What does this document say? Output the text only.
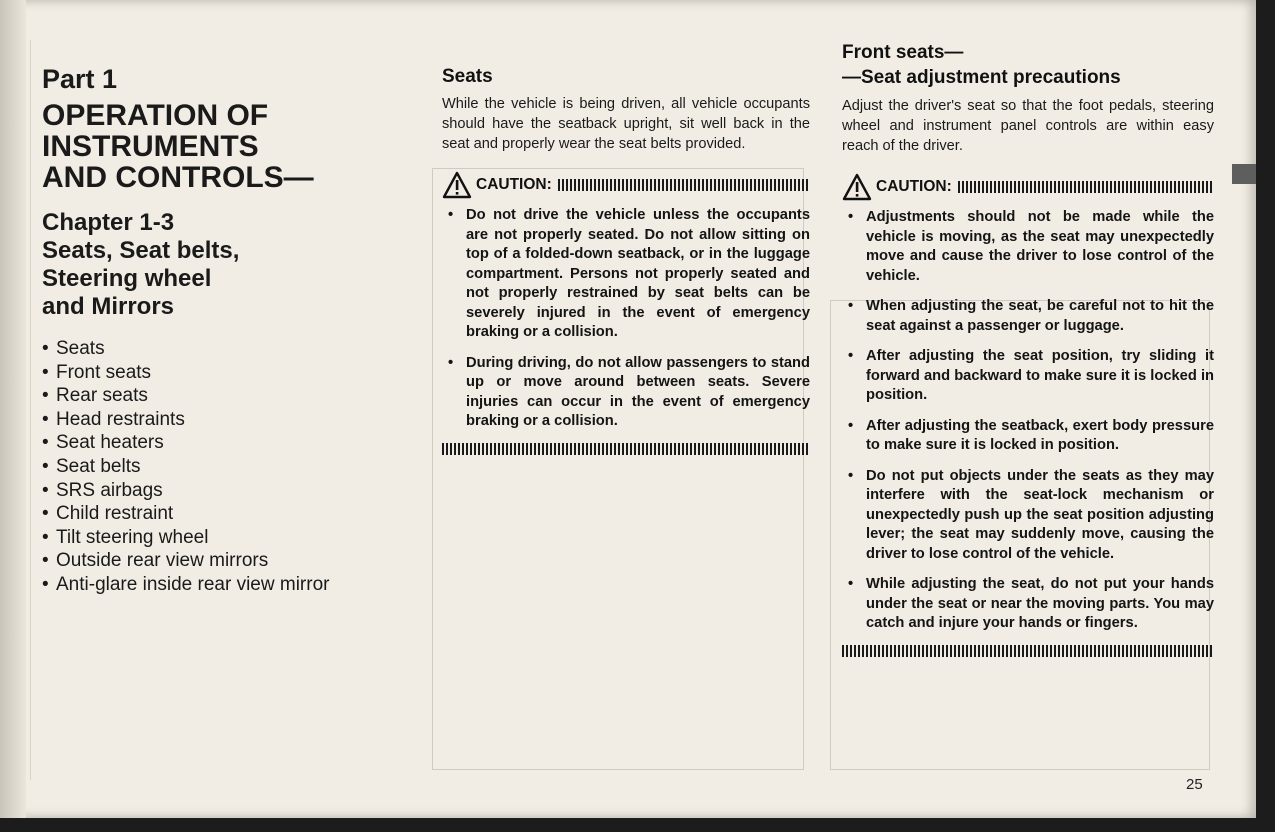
Part 1
OPERATION OF
INSTRUMENTS
AND CONTROLS—
Chapter 1-3
Seats, Seat belts,
Steering wheel
and Mirrors
• Seats
• Front seats
• Rear seats
• Head restraints
• Seat heaters
• Seat belts
• SRS airbags
• Child restraint
• Tilt steering wheel
• Outside rear view mirrors
• Anti-glare inside rear view mirror
Seats
While the vehicle is being driven, all vehicle occupants should have the seatback upright, sit well back in the seat and properly wear the seat belts provided.
CAUTION:
• Do not drive the vehicle unless the occupants are not properly seated. Do not allow sitting on top of a folded-down seatback, or in the luggage compartment. Persons not properly seated and not properly restrained by seat belts can be severely injured in the event of emergency braking or a collision.
• During driving, do not allow passengers to stand up or move around between seats. Severe injuries can occur in the event of emergency braking or a collision.
Front seats—
—Seat adjustment precautions
Adjust the driver's seat so that the foot pedals, steering wheel and instrument panel controls are within easy reach of the driver.
CAUTION:
• Adjustments should not be made while the vehicle is moving, as the seat may unexpectedly move and cause the driver to lose control of the vehicle.
• When adjusting the seat, be careful not to hit the seat against a passenger or luggage.
• After adjusting the seat position, try sliding it forward and backward to make sure it is locked in position.
• After adjusting the seatback, exert body pressure to make sure it is locked in position.
• Do not put objects under the seats as they may interfere with the seat-lock mechanism or unexpectedly push up the seat position adjusting lever; the seat may suddenly move, causing the driver to lose control of the vehicle.
• While adjusting the seat, do not put your hands under the seat or near the moving parts. You may catch and injure your hands or fingers.
25
